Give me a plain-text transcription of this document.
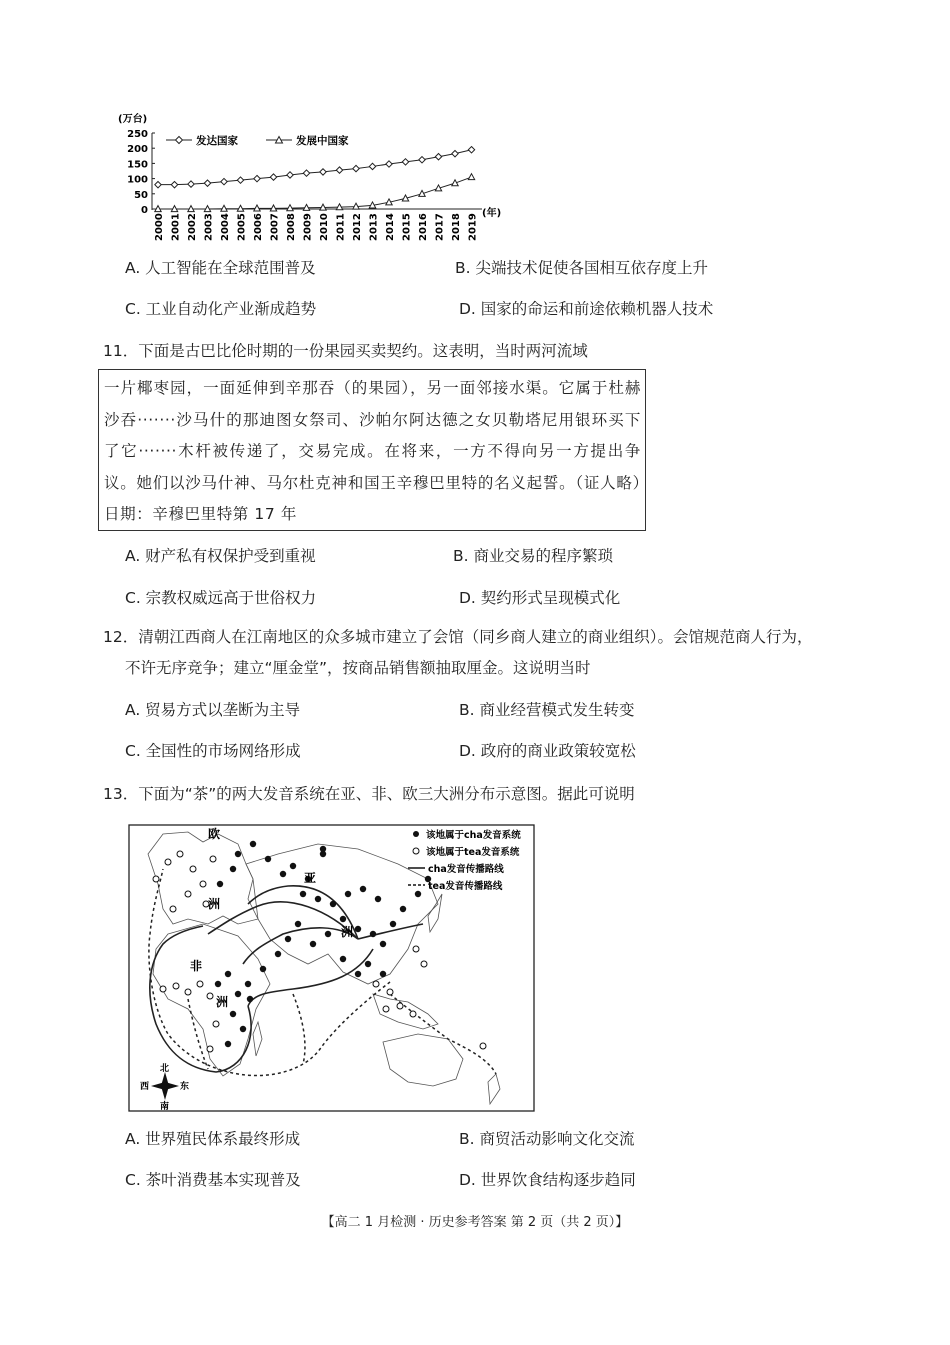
(万台)
0
50
100
150
200
250
2000 2001 2002 2003 2004 2005 2006 2007 2008 2009 2010 2011 2012 2013 2014 2015 2016 2017 2018 2019 (年)
发达国家	发展中国家
A. 人工智能在全球范围普及	B. 尖端技术促使各国相互依存度上升
C. 工业自动化产业渐成趋势	D. 国家的命运和前途依赖机器人技术
11．下面是古巴比伦时期的一份果园买卖契约。这表明，当时两河流域
一片椰枣园，一面延伸到辛那吞（的果园），另一面邻接水渠。它属于杜赫沙吞·······沙马什的那迪图女祭司、沙帕尔阿达德之女贝勒塔尼用银环买下了它·······木杆被传递了，交易完成。在将来，一方不得向另一方提出争议。她们以沙马什神、马尔杜克神和国王辛穆巴里特的名义起誓。（证人略）日期：辛穆巴里特第 17 年
A. 财产私有权保护受到重视	B. 商业交易的程序繁琐
C. 宗教权威远高于世俗权力	D. 契约形式呈现模式化
12．清朝江西商人在江南地区的众多城市建立了会馆（同乡商人建立的商业组织）。会馆规范商人行为，
不许无序竞争；建立“厘金堂”，按商品销售额抽取厘金。这说明当时
A. 贸易方式以垄断为主导	B. 商业经营模式发生转变
C. 全国性的市场网络形成	D. 政府的商业政策较宽松
13．下面为“茶”的两大发音系统在亚、非、欧三大洲分布示意图。据此可说明
欧
洲
亚
洲
非
洲
该地属于cha发音系统
该地属于tea发音系统
cha发音传播路线
tea发音传播路线
北
南
西	东
A. 世界殖民体系最终形成	B. 商贸活动影响文化交流
C. 茶叶消费基本实现普及	D. 世界饮食结构逐步趋同
【高二 1 月检测 · 历史参考答案 第 2 页（共 2 页）】
